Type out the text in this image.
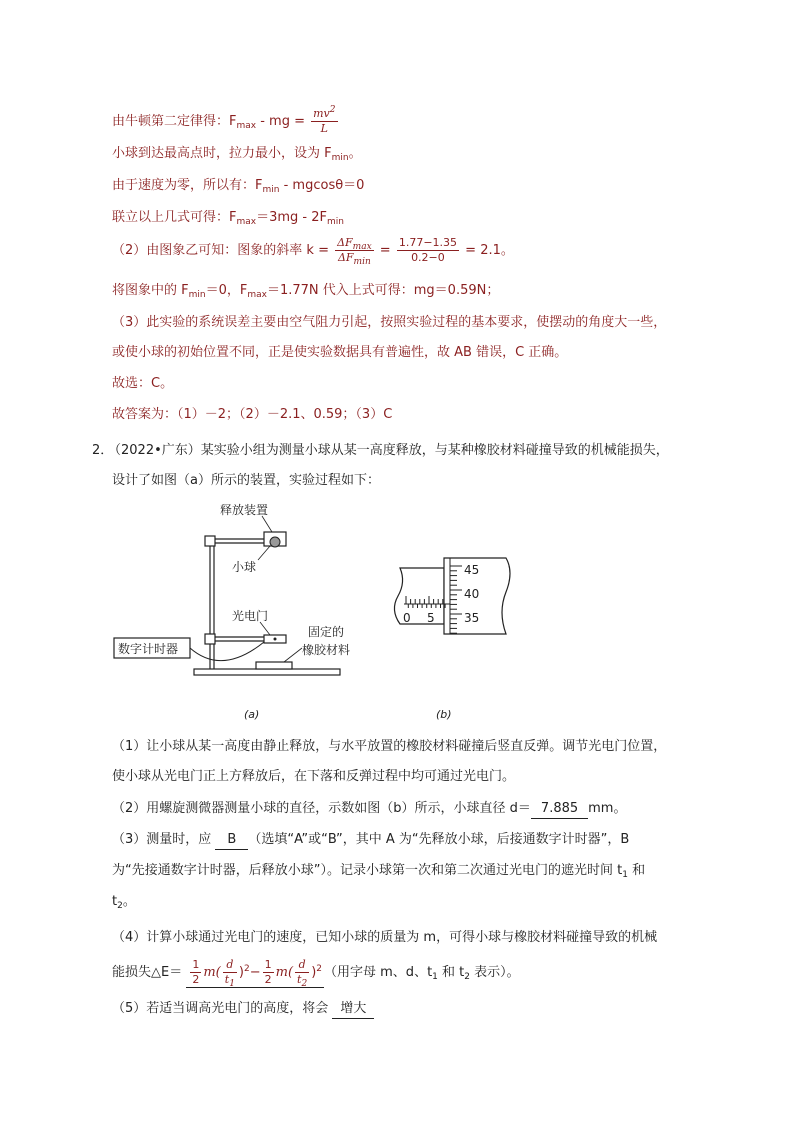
由牛顿第二定律得：$F_{max}$ - mg = $\frac{mv^2}{L}$
小球到达最高点时，拉力最小，设为 $F_{min}$。
由于速度为零，所以有：$F_{min} - mgcos\theta=0$
联立以上几式可得：$F_{max}=3mg - 2F_{min}$
（2）由图象乙可知：图象的斜率 $k = \frac{\Delta F_{max}}{\Delta F_{min}} = \frac{1.77-1.35}{0.2-0} = 2.1$。
将图象中的 $F_{min}=0$，$F_{max}=1.77N$ 代入上式可得：mg＝0.59N；
（3）此实验的系统误差主要由空气阻力引起，按照实验过程的基本要求，使摆动的角度大一些，
或使小球的初始位置不同，正是使实验数据具有普遍性，故 AB 错误，C 正确。
故选：C。
故答案为：（1）－2；（2）－2.1、0.59；（3）C
2．
（2022•广东）某实验小组为测量小球从某一高度释放，与某种橡胶材料碰撞导致的机械能损失，
设计了如图（a）所示的装置，实验过程如下：
释放装置
小球
光电门
数字计时器
固定的
橡胶材料
(a)
0 5
45
40
35
(b)
（1）让小球从某一高度由静止释放，与水平放置的橡胶材料碰撞后竖直反弹。调节光电门位置，
使小球从光电门正上方释放后，在下落和反弹过程中均可通过光电门。
（2）用螺旋测微器测量小球的直径，示数如图（b）所示，小球直径 d＝ 7.885 mm。
（3）测量时，应 B （选填“A”或“B”，其中 A 为“先释放小球，后接通数字计时器”，B
为“先接通数字计时器，后释放小球”）。记录小球第一次和第二次通过光电门的遮光时间 $t_1$ 和
$t_2$。
（4）计算小球通过光电门的速度，已知小球的质量为 m，可得小球与橡胶材料碰撞导致的机械
能损失△E＝ $\frac{1}{2} m( \frac{d}{t_1} )^2- \frac{1}{2} m( \frac{d}{t_2} )^2$ （用字母 m、d、$t_1$ 和 $t_2$ 表示）。
（5）若适当调高光电门的高度，将会 增大
